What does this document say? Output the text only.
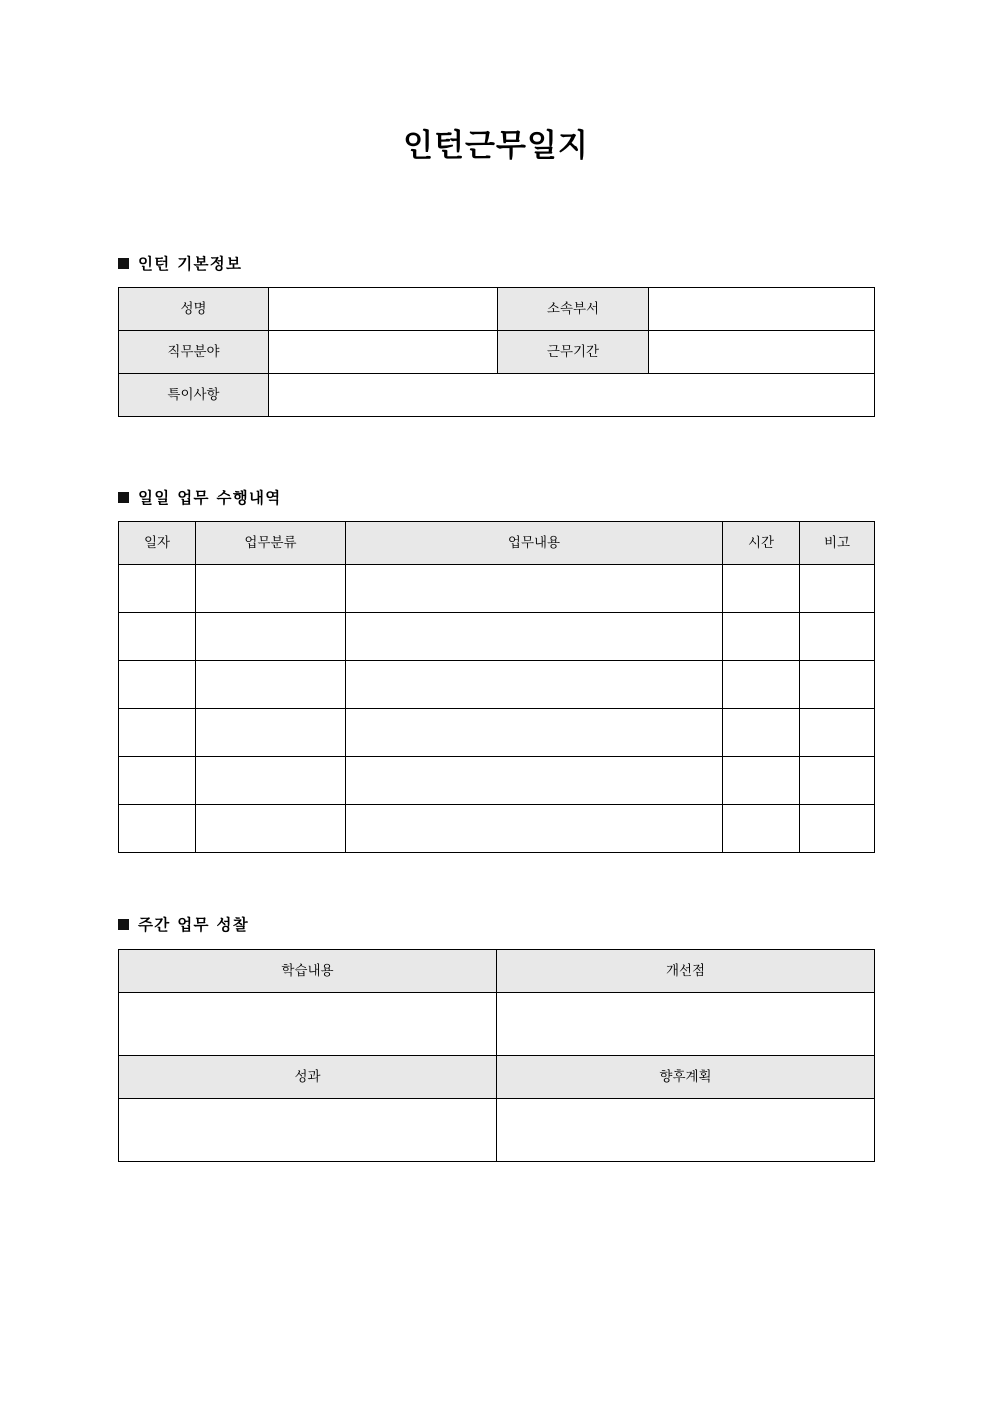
인턴근무일지
인턴 기본정보
성명		소속부서	
직무분야		근무기간	
특이사항			
일일 업무 수행내역
일자	업무분류	업무내용	시간	비고

주간 업무 성찰
학습내용	개선점

성과	향후계획
